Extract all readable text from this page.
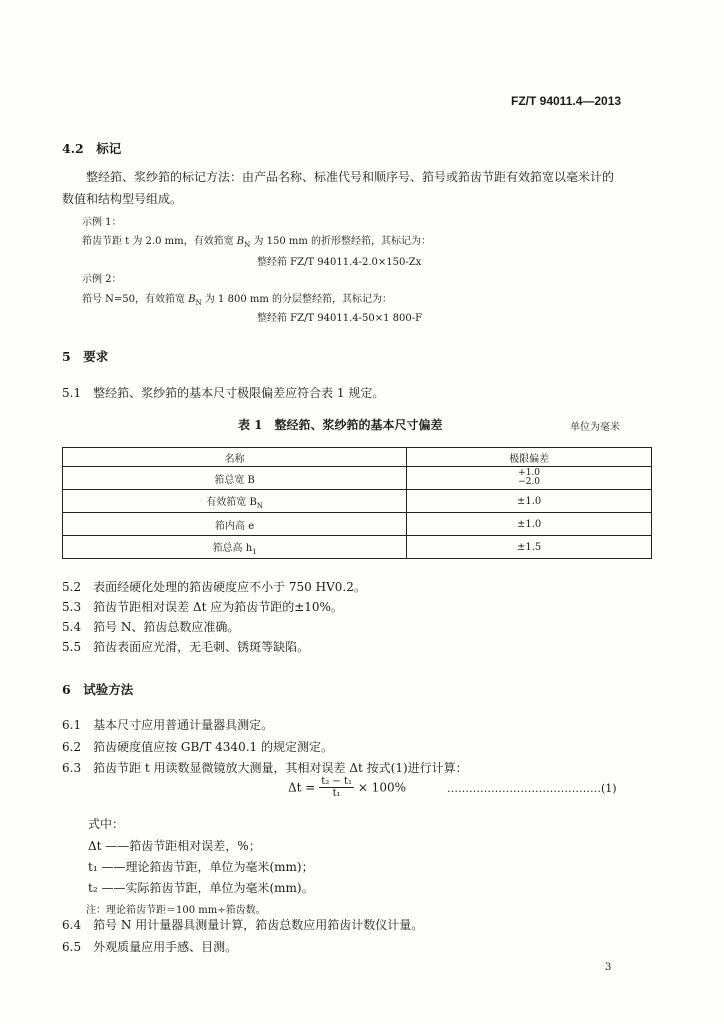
FZ/T 94011.4—2013
4.2　标记
整经筘、浆纱筘的标记方法：由产品名称、标准代号和顺序号、筘号或筘齿节距有效筘宽以毫米计的
数值和结构型号组成。
示例 1：
筘齿节距 t 为 2.0 mm，有效筘宽 $B_N$ 为 150 mm 的折形整经筘，其标记为：
整经筘 FZ/T 94011.4-2.0×150-Zx
示例 2：
筘号 N=50，有效筘宽 $B_N$ 为 1 800 mm 的分层整经筘，其标记为：
整经筘 FZ/T 94011.4-50×1 800-F
5　要求
5.1　整经筘、浆纱筘的基本尺寸极限偏差应符合表 1 规定。
表 1　整经筘、浆纱筘的基本尺寸偏差	单位为毫米
名称	极限偏差
筘总宽 B	+1.0
−2.0
有效筘宽 $B_N$	±1.0
筘内高 e	±1.0
筘总高 $h_1$	±1.5
5.2　表面经硬化处理的筘齿硬度应不小于 750 HV0.2。
5.3　筘齿节距相对误差 Δt 应为筘齿节距的±10%。
5.4　筘号 N、筘齿总数应准确。
5.5　筘齿表面应光滑，无毛刺、锈斑等缺陷。
6　试验方法
6.1　基本尺寸应用普通计量器具测定。
6.2　筘齿硬度值应按 GB/T 4340.1 的规定测定。
6.3　筘齿节距 t 用读数显微镜放大测量，其相对误差 Δt 按式(1)进行计算：
$\Delta t = \frac{\text{t₂ − t₁}}{\text{t₁}} \times 100\%$	……………………………………(1)
式中：
Δt ——筘齿节距相对误差，%；
t₁ ——理论筘齿节距，单位为毫米(mm)；
t₂ ——实际筘齿节距，单位为毫米(mm)。
注：理论筘齿节距＝100 mm÷筘齿数。
6.4　筘号 N 用计量器具测量计算，筘齿总数应用筘齿计数仪计量。
6.5　外观质量应用手感、目测。
3
